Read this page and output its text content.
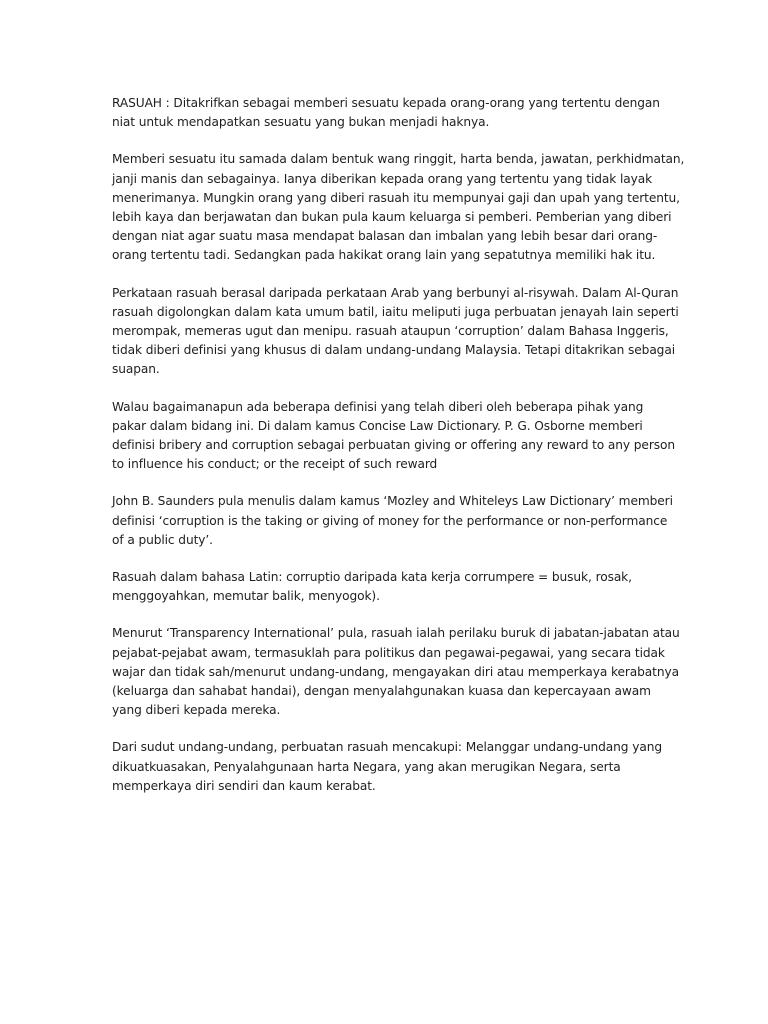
RASUAH : Ditakrifkan sebagai memberi sesuatu kepada orang-orang yang tertentu dengan
niat untuk mendapatkan sesuatu yang bukan menjadi haknya.

Memberi sesuatu itu samada dalam bentuk wang ringgit, harta benda, jawatan, perkhidmatan,
janji manis dan sebagainya. Ianya diberikan kepada orang yang tertentu yang tidak layak
menerimanya. Mungkin orang yang diberi rasuah itu mempunyai gaji dan upah yang tertentu,
lebih kaya dan berjawatan dan bukan pula kaum keluarga si pemberi. Pemberian yang diberi
dengan niat agar suatu masa mendapat balasan dan imbalan yang lebih besar dari orang-
orang tertentu tadi. Sedangkan pada hakikat orang lain yang sepatutnya memiliki hak itu.

Perkataan rasuah berasal daripada perkataan Arab yang berbunyi al-risywah. Dalam Al-Quran
rasuah digolongkan dalam kata umum batil, iaitu meliputi juga perbuatan jenayah lain seperti
merompak, memeras ugut dan menipu. rasuah ataupun ‘corruption’ dalam Bahasa Inggeris,
tidak diberi definisi yang khusus di dalam undang-undang Malaysia. Tetapi ditakrikan sebagai
suapan.

Walau bagaimanapun ada beberapa definisi yang telah diberi oleh beberapa pihak yang
pakar dalam bidang ini. Di dalam kamus Concise Law Dictionary. P. G. Osborne memberi
definisi bribery and corruption sebagai perbuatan giving or offering any reward to any person
to influence his conduct; or the receipt of such reward

John B. Saunders pula menulis dalam kamus ‘Mozley and Whiteleys Law Dictionary’ memberi
definisi ‘corruption is the taking or giving of money for the performance or non-performance
of a public duty’.

Rasuah dalam bahasa Latin: corruptio daripada kata kerja corrumpere = busuk, rosak,
menggoyahkan, memutar balik, menyogok).

Menurut ‘Transparency International’ pula, rasuah ialah perilaku buruk di jabatan-jabatan atau
pejabat-pejabat awam, termasuklah para politikus dan pegawai-pegawai, yang secara tidak
wajar dan tidak sah/menurut undang-undang, mengayakan diri atau memperkaya kerabatnya
(keluarga dan sahabat handai), dengan menyalahgunakan kuasa dan kepercayaan awam
yang diberi kepada mereka.

Dari sudut undang-undang, perbuatan rasuah mencakupi: Melanggar undang-undang yang
dikuatkuasakan, Penyalahgunaan harta Negara, yang akan merugikan Negara, serta
memperkaya diri sendiri dan kaum kerabat.
